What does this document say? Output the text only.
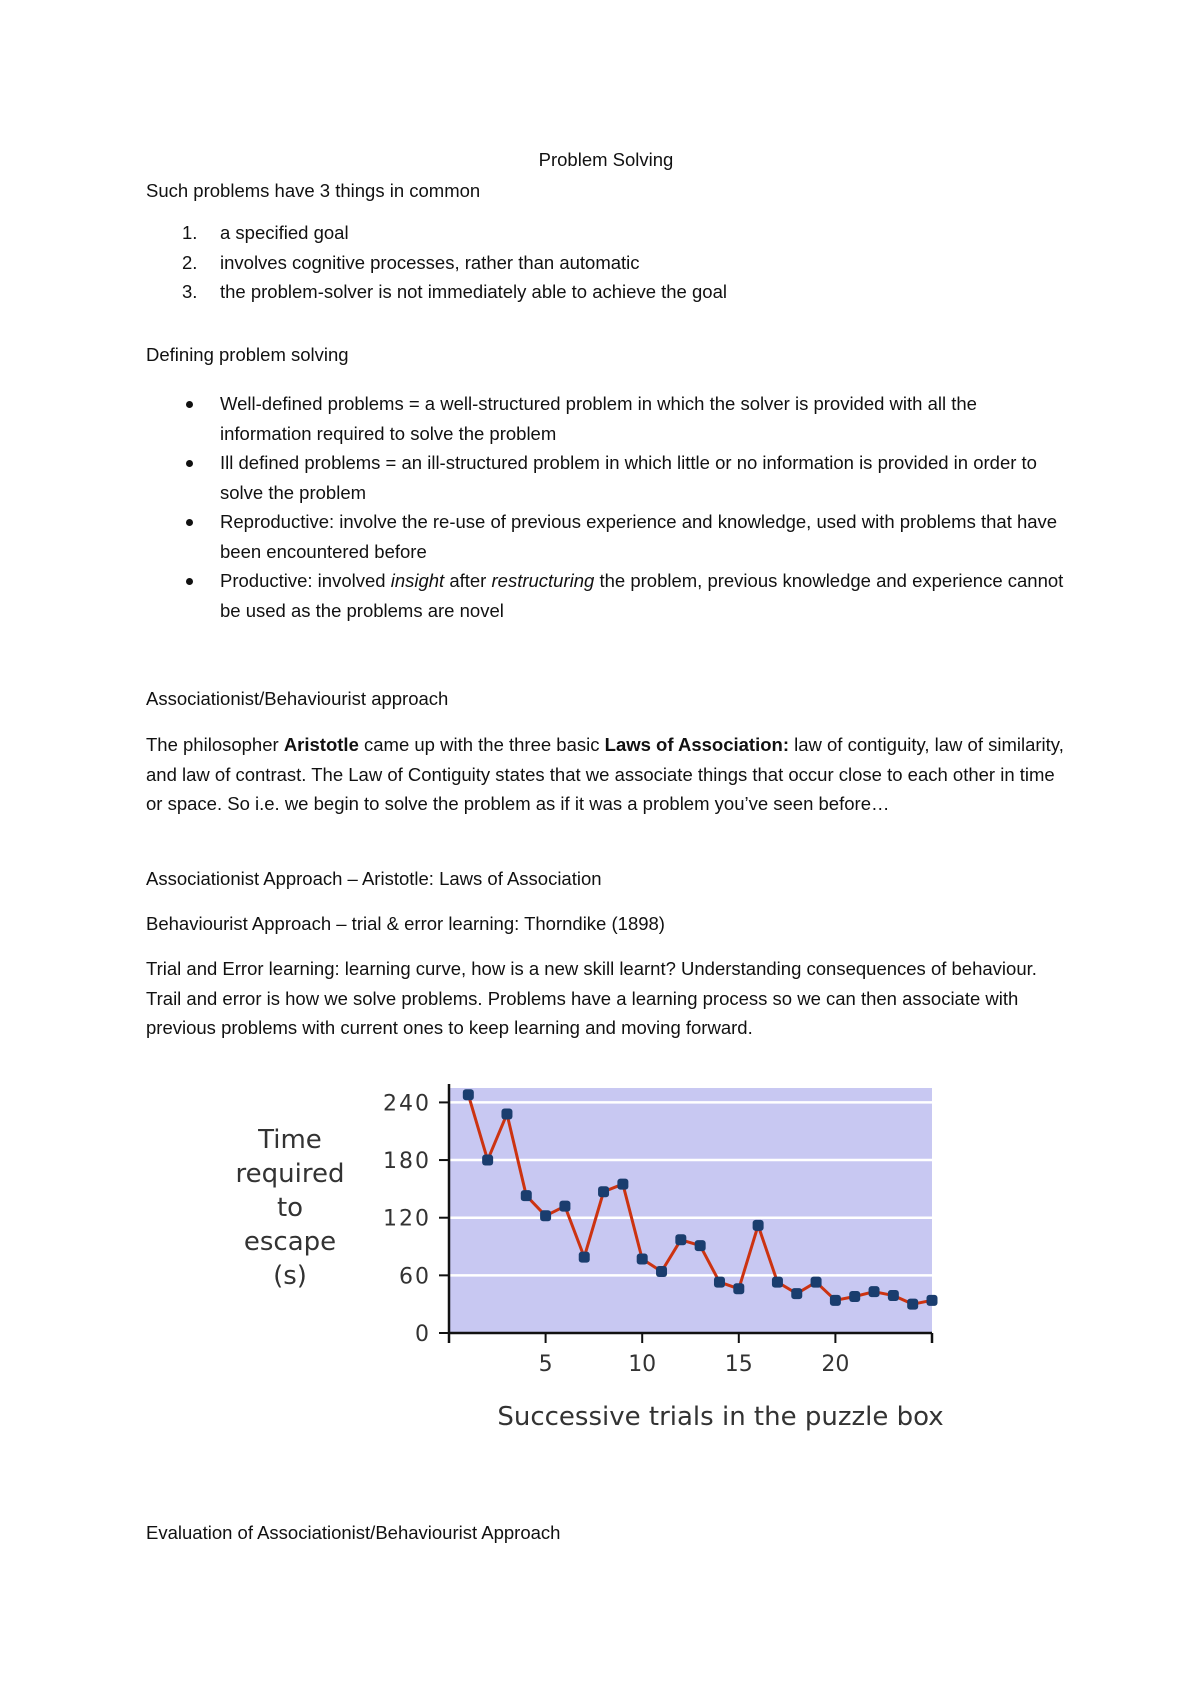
Problem Solving

Such problems have 3 things in common

1. a specified goal
2. involves cognitive processes, rather than automatic
3. the problem-solver is not immediately able to achieve the goal

Defining problem solving

Well-defined problems = a well-structured problem in which the solver is provided with all the information required to solve the problem
Ill defined problems = an ill-structured problem in which little or no information is provided in order to solve the problem
Reproductive: involve the re-use of previous experience and knowledge, used with problems that have been encountered before
Productive: involved insight after restructuring the problem, previous knowledge and experience cannot be used as the problems are novel

Associationist/Behaviourist approach

The philosopher Aristotle came up with the three basic Laws of Association: law of contiguity, law of similarity, and law of contrast. The Law of Contiguity states that we associate things that occur close to each other in time or space. So i.e. we begin to solve the problem as if it was a problem you’ve seen before…

Associationist Approach – Aristotle: Laws of Association

Behaviourist Approach – trial & error learning: Thorndike (1898)

Trial and Error learning: learning curve, how is a new skill learnt? Understanding consequences of behaviour. Trail and error is how we solve problems. Problems have a learning process so we can then associate with previous problems with current ones to keep learning and moving forward.

Evaluation of Associationist/Behaviourist Approach

0
60
120
180
240
5	10	15	20
Time required to escape (s)
Successive trials in the puzzle box
